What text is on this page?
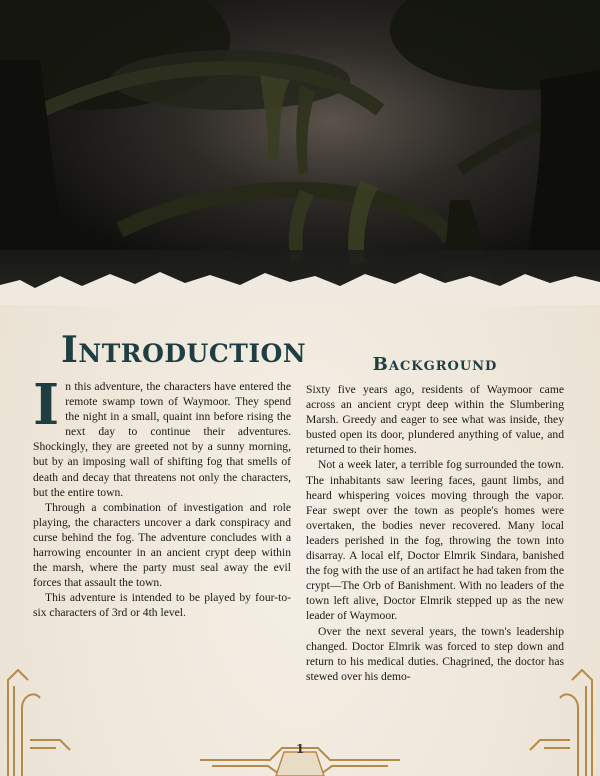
Introduction

In this adventure, the characters have entered the remote swamp town of Waymoor. They spend the night in a small, quaint inn before rising the next day to continue their adventures. Shockingly, they are greeted not by a sunny morning, but by an imposing wall of shifting fog that smells of death and decay that threatens not only the characters, but the entire town.

Through a combination of investigation and role playing, the characters uncover a dark conspiracy and curse behind the fog. The adventure concludes with a harrowing encounter in an ancient crypt deep within the marsh, where the party must seal away the evil forces that assault the town.

This adventure is intended to be played by four-to-six characters of 3rd or 4th level.

Background

Sixty five years ago, residents of Waymoor came across an ancient crypt deep within the Slumbering Marsh. Greedy and eager to see what was inside, they busted open its door, plundered anything of value, and returned to their homes.

Not a week later, a terrible fog surrounded the town. The inhabitants saw leering faces, gaunt limbs, and heard whispering voices moving through the vapor. Fear swept over the town as people's homes were overtaken, the bodies never recovered. Many local leaders perished in the fog, throwing the town into disarray. A local elf, Doctor Elmrik Sindara, banished the fog with the use of an artifact he had taken from the crypt—The Orb of Banishment. With no leaders of the town left alive, Doctor Elmrik stepped up as the new leader of Waymoor.

Over the next several years, the town's leadership changed. Doctor Elmrik was forced to step down and return to his medical duties. Chagrined, the doctor has stewed over his demo-

1
